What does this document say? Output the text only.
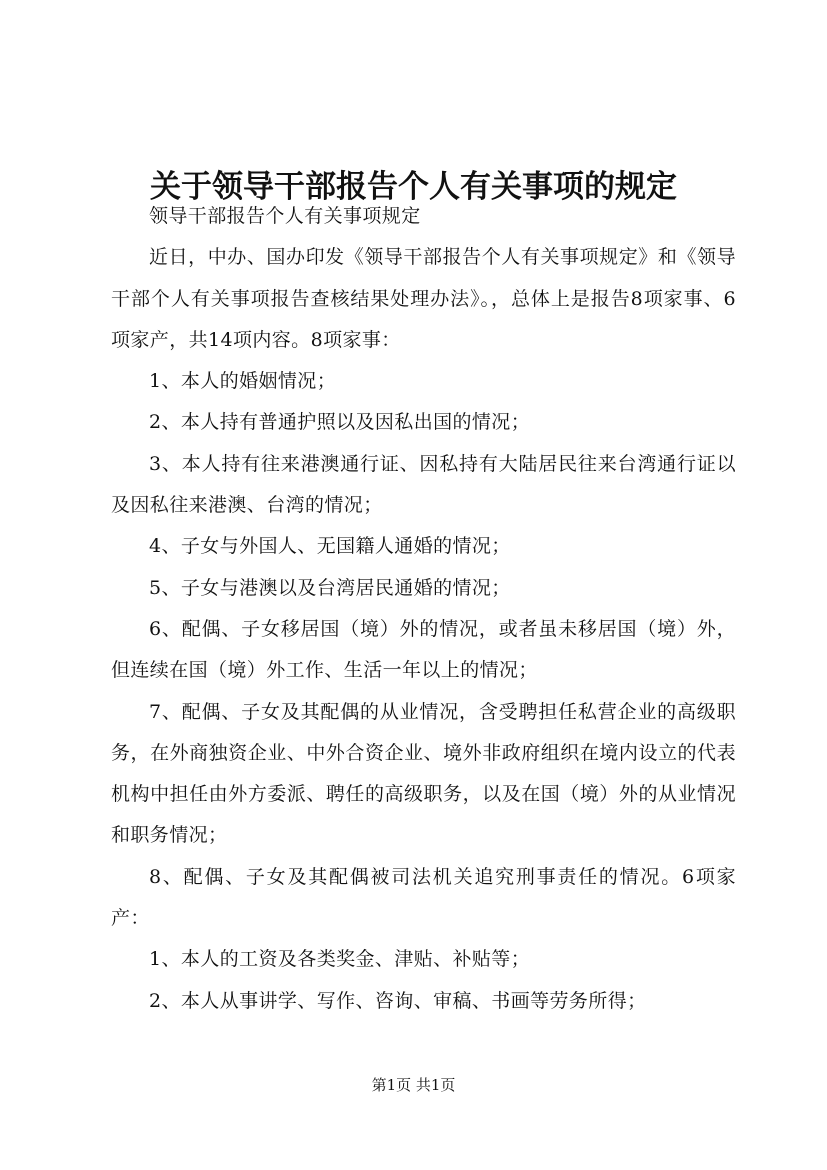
关于领导干部报告个人有关事项的规定

领导干部报告个人有关事项规定

近日，中办、国办印发《领导干部报告个人有关事项规定》和《领导干部个人有关事项报告查核结果处理办法》。，总体上是报告8项家事、6项家产，共14项内容。8项家事：

1、本人的婚姻情况；

2、本人持有普通护照以及因私出国的情况；

3、本人持有往来港澳通行证、因私持有大陆居民往来台湾通行证以及因私往来港澳、台湾的情况；

4、子女与外国人、无国籍人通婚的情况；

5、子女与港澳以及台湾居民通婚的情况；

6、配偶、子女移居国（境）外的情况，或者虽未移居国（境）外，但连续在国（境）外工作、生活一年以上的情况；

7、配偶、子女及其配偶的从业情况，含受聘担任私营企业的高级职务，在外商独资企业、中外合资企业、境外非政府组织在境内设立的代表机构中担任由外方委派、聘任的高级职务，以及在国（境）外的从业情况和职务情况；

8、配偶、子女及其配偶被司法机关追究刑事责任的情况。6项家产：

1、本人的工资及各类奖金、津贴、补贴等；

2、本人从事讲学、写作、咨询、审稿、书画等劳务所得；

第1页 共1页
